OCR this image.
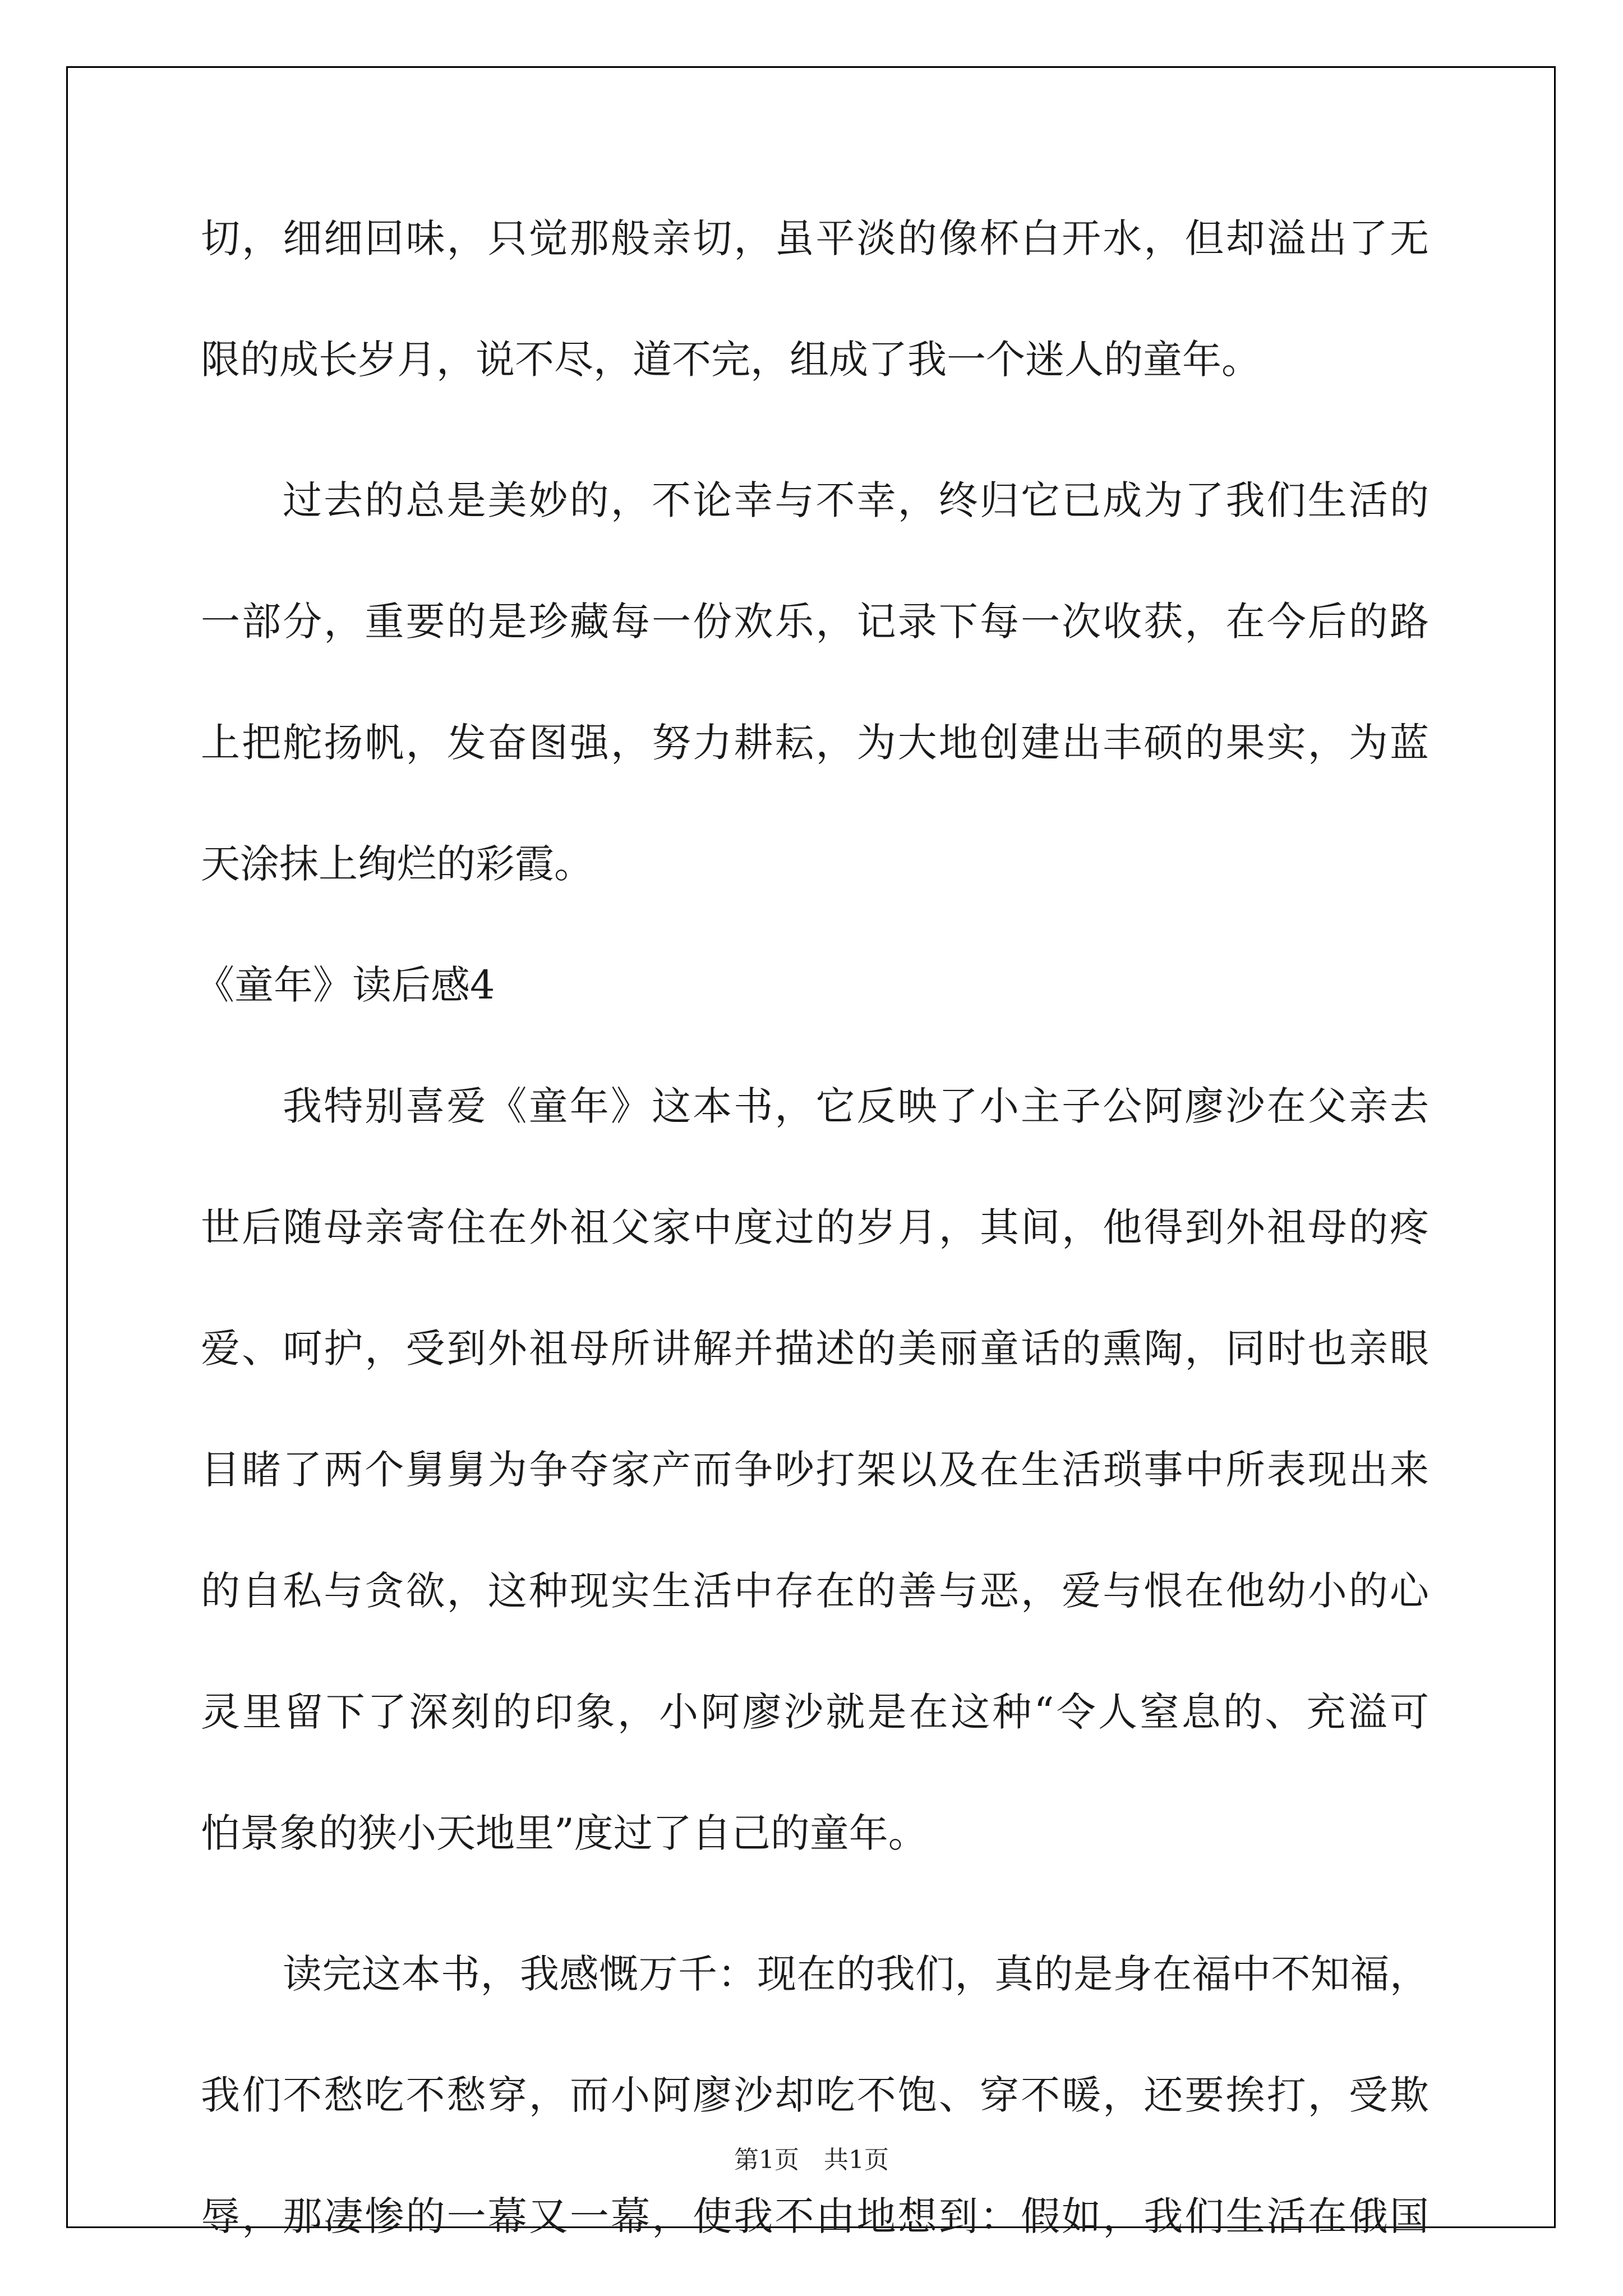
切，细细回味，只觉那般亲切，虽平淡的像杯白开水，但却溢出了无
限的成长岁月，说不尽，道不完，组成了我一个迷人的童年。
过去的总是美妙的，不论幸与不幸，终归它已成为了我们生活的
一部分，重要的是珍藏每一份欢乐，记录下每一次收获，在今后的路
上把舵扬帆，发奋图强，努力耕耘，为大地创建出丰硕的果实，为蓝
天涂抹上绚烂的彩霞。
《童年》读后感4
我特别喜爱《童年》这本书，它反映了小主子公阿廖沙在父亲去
世后随母亲寄住在外祖父家中度过的岁月，其间，他得到外祖母的疼
爱、呵护，受到外祖母所讲解并描述的美丽童话的熏陶，同时也亲眼
目睹了两个舅舅为争夺家产而争吵打架以及在生活琐事中所表现出来
的自私与贪欲，这种现实生活中存在的善与恶，爱与恨在他幼小的心
灵里留下了深刻的印象，小阿廖沙就是在这种“令人窒息的、充溢可
怕景象的狭小天地里”度过了自己的童年。
读完这本书，我感慨万千：现在的我们，真的是身在福中不知福，
我们不愁吃不愁穿，而小阿廖沙却吃不饱、穿不暖，还要挨打，受欺
辱，那凄惨的一幕又一幕，使我不由地想到：假如，我们生活在俄国
第1页　共1页
